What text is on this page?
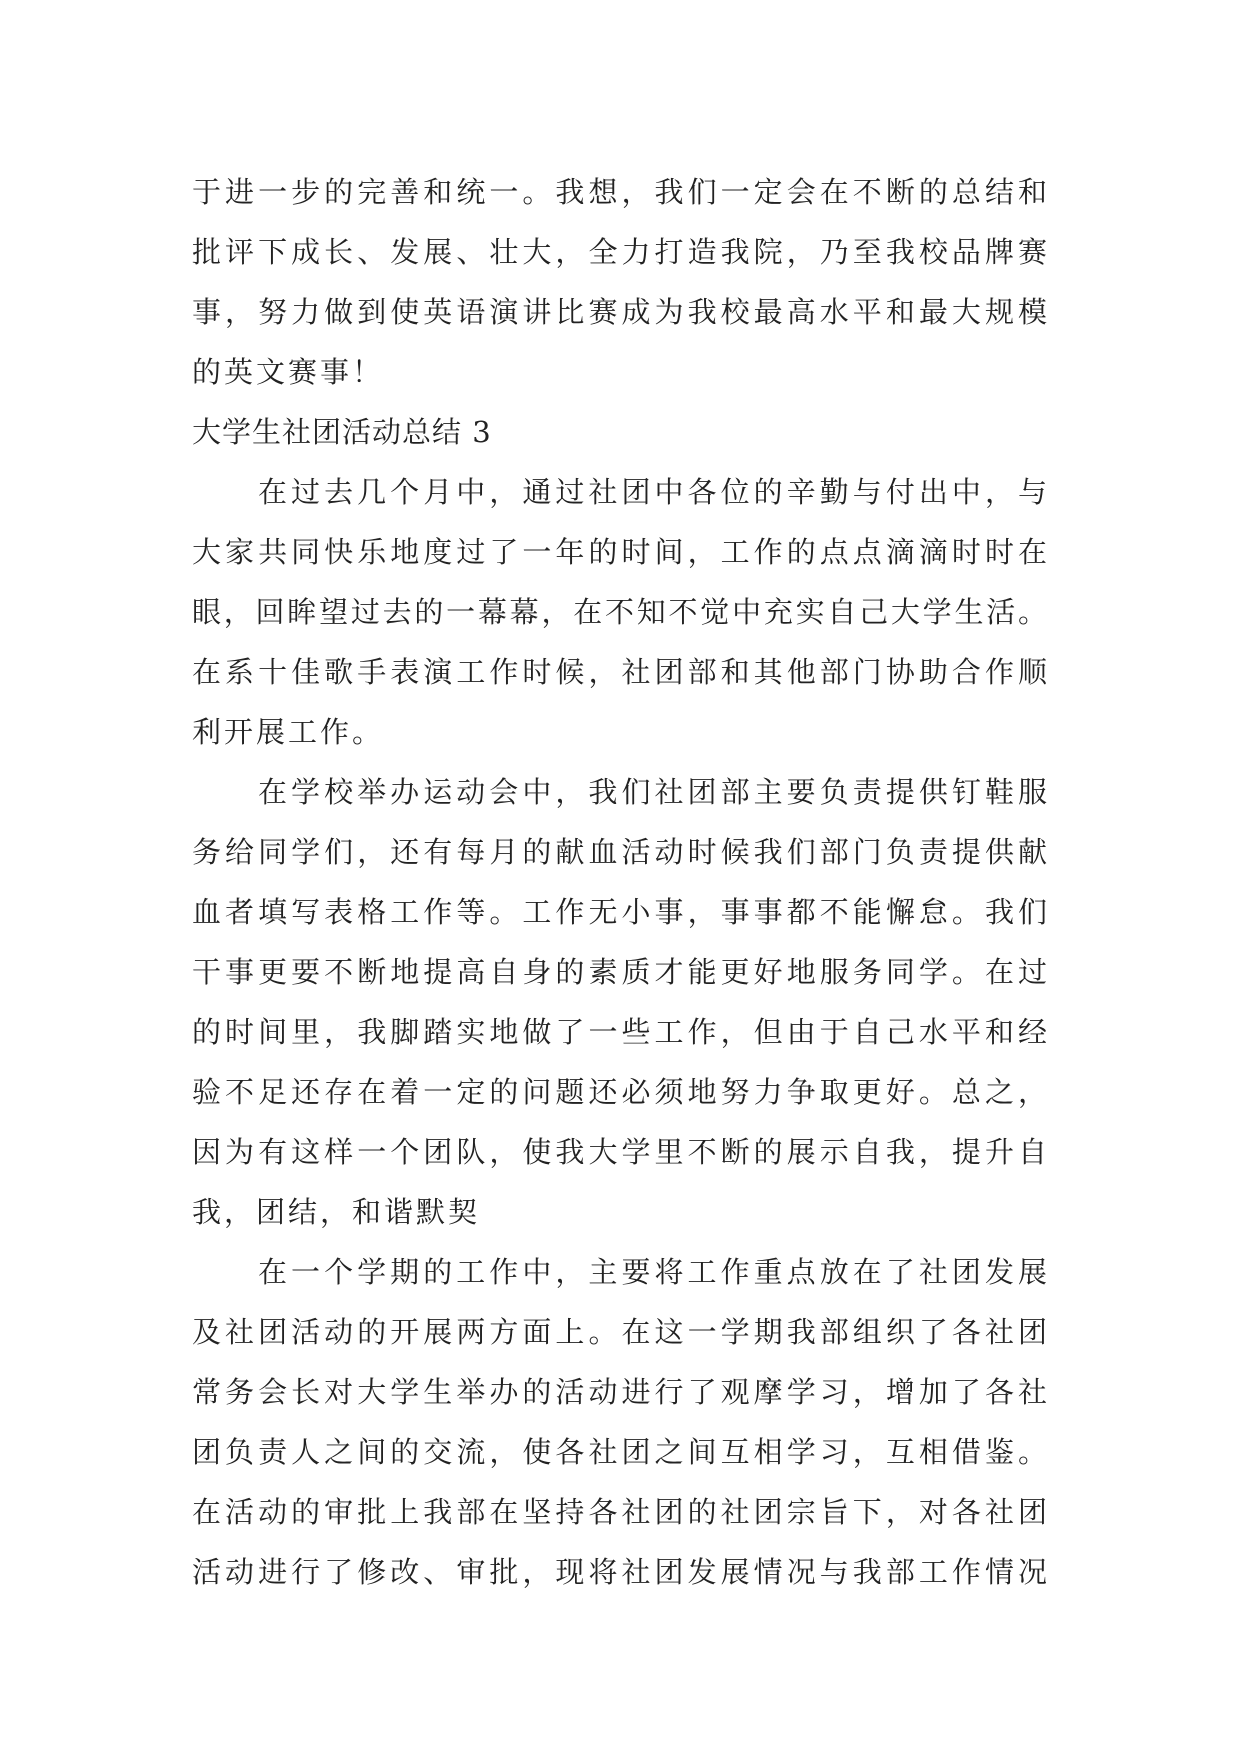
于进一步的完善和统一。我想，我们一定会在不断的总结和
批评下成长、发展、壮大，全力打造我院，乃至我校品牌赛
事，努力做到使英语演讲比赛成为我校最高水平和最大规模
的英文赛事！
大学生社团活动总结 3
在过去几个月中，通过社团中各位的辛勤与付出中，与
大家共同快乐地度过了一年的时间，工作的点点滴滴时时在
眼，回眸望过去的一幕幕，在不知不觉中充实自己大学生活。
在系十佳歌手表演工作时候，社团部和其他部门协助合作顺
利开展工作。
在学校举办运动会中，我们社团部主要负责提供钉鞋服
务给同学们，还有每月的献血活动时候我们部门负责提供献
血者填写表格工作等。工作无小事，事事都不能懈怠。我们
干事更要不断地提高自身的素质才能更好地服务同学。在过
的时间里，我脚踏实地做了一些工作，但由于自己水平和经
验不足还存在着一定的问题还必须地努力争取更好。总之，
因为有这样一个团队，使我大学里不断的展示自我，提升自
我，团结，和谐默契
在一个学期的工作中，主要将工作重点放在了社团发展
及社团活动的开展两方面上。在这一学期我部组织了各社团
常务会长对大学生举办的活动进行了观摩学习，增加了各社
团负责人之间的交流，使各社团之间互相学习，互相借鉴。
在活动的审批上我部在坚持各社团的社团宗旨下，对各社团
活动进行了修改、审批，现将社团发展情况与我部工作情况
